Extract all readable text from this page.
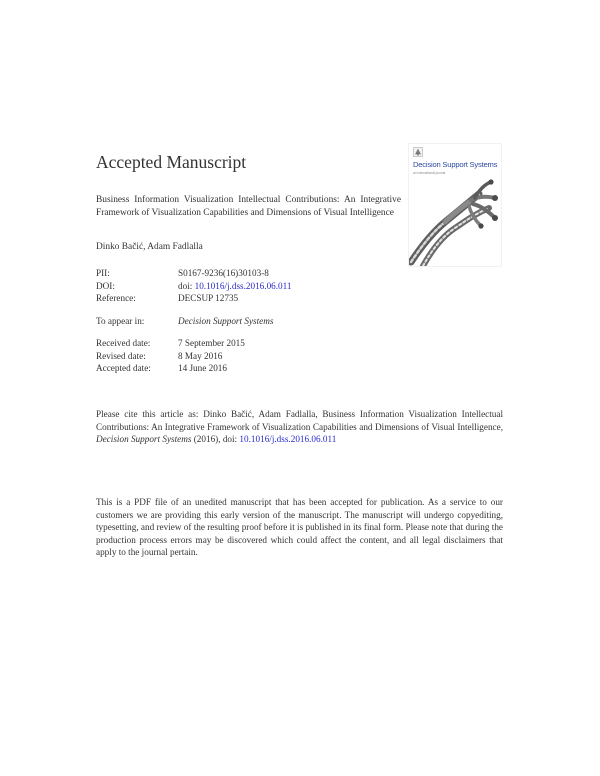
Accepted Manuscript
Business Information Visualization Intellectual Contributions: An Integrative Framework of Visualization Capabilities and Dimensions of Visual Intelligence
Dinko Bačić, Adam Fadlalla
PII:	S0167-9236(16)30103-8
DOI:	doi: 10.1016/j.dss.2016.06.011
Reference:	DECSUP 12735
To appear in:	Decision Support Systems
Received date:	7 September 2015
Revised date:	8 May 2016
Accepted date:	14 June 2016
Please cite this article as: Dinko Bačić, Adam Fadlalla, Business Information Visualization Intellectual Contributions: An Integrative Framework of Visualization Capabilities and Dimensions of Visual Intelligence, Decision Support Systems (2016), doi: 10.1016/j.dss.2016.06.011
This is a PDF file of an unedited manuscript that has been accepted for publication. As a service to our customers we are providing this early version of the manuscript. The manuscript will undergo copyediting, typesetting, and review of the resulting proof before it is published in its final form. Please note that during the production process errors may be discovered which could affect the content, and all legal disclaimers that apply to the journal pertain.
Decision Support Systems
an international journal
